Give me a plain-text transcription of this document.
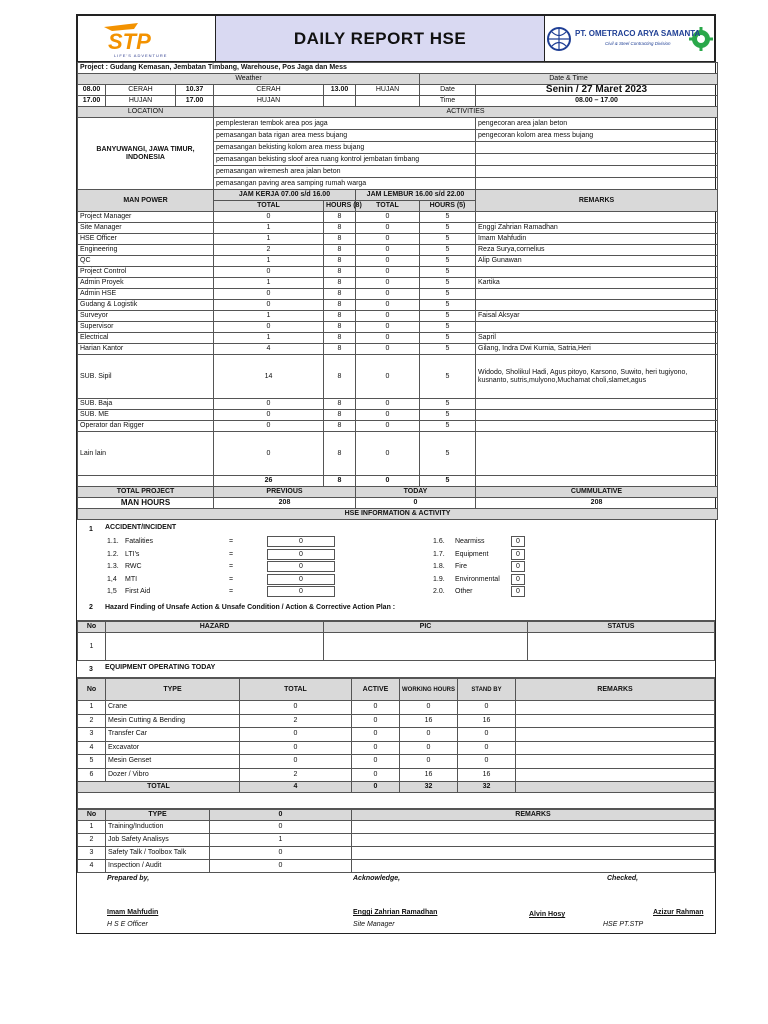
STP
LIFE'S ADVENTURE
	DAILY REPORT HSE	PT. OMETRACO ARYA SAMANTA
Civil & Steel Contracting Division
Project : Gudang Kemasan, Jembatan Timbang, Warehouse, Pos Jaga dan Mess							
Weather						Date & Time	
08.00	CERAH	10.37	CERAH	13.00	HUJAN	Date	Senin / 27 Maret 2023
17.00	HUJAN	17.00	HUJAN			Time	08.00 – 17.00
LOCATION			ACTIVITIES				
BANYUWANGI, JAWA TIMUR, INDONESIA			pemplesteran tembok area pos jaga				pengecoran area jalan beton
			pemasangan bata rigan area mess bujang				pengecoran kolom area mess bujang
			pemasangan bekisting kolom area mess bujang				
			pemasangan bekisting sloof area ruang kontrol jembatan timbang				
			pemasangan wiremesh area jalan beton				
			pemasangan paving area samping rumah warga				
MAN POWER			JAM KERJA 07.00 s/d 16.00		JAM LEMBUR 16.00 s/d 22.00		REMARKS
			TOTAL	HOURS (8)	TOTAL	HOURS (5)	
Project Manager			0	8	0	5	
Site Manager			1	8	0	5	Enggi Zahrian Ramadhan
HSE Officer			1	8	0	5	Imam Mahfudin
Engineering			2	8	0	5	Reza Surya,cornelius
QC			1	8	0	5	Alip Gunawan
Project Control			0	8	0	5	
Admin Proyek			1	8	0	5	Kartika
Admin HSE			0	8	0	5	
Gudang & Logistik			0	8	0	5	
Surveyor			1	8	0	5	Faisal Aksyar
Supervisor			0	8	0	5	
Electrical			1	8	0	5	Sapril
Harian Kantor			4	8	0	5	Gilang, Indra Dwi Kurnia, Satria,Heri
SUB. Sipil			14	8	0	5	Widodo, Sholikul Hadi, Agus pitoyo, Karsono, Suwito, heri tugiyono, kusnanto, sutris,mulyono,Muchamat choli,slamet,agus
SUB. Baja			0	8	0	5	
SUB. ME			0	8	0	5	
Operator dan Rigger			0	8	0	5	
Lain lain			0	8	0	5	
			26	8	0	5	
TOTAL PROJECT			PREVIOUS		TODAY		CUMMULATIVE
MAN HOURS			208		0		208
HSE INFORMATION & ACTIVITY							
1 ACCIDENT/INCIDENT
1.1. Fatalities	=	0
1.2. LTI's	=	0
1.3. RWC	=	0
1,4 MTI	=	0
1,5 First Aid	=	0
1.6. Nearmiss	0
1.7. Equipment	0
1.8. Fire	0
1.9. Environmental	0
2.0. Other	0
2 Hazard Finding of Unsafe Action & Unsafe Condition / Action & Corrective Action Plan :
No	HAZARD	PIC	STATUS
1			
3 EQUIPMENT OPERATING TODAY
No	TYPE	TOTAL	ACTIVE	WORKING HOURS	STAND BY	REMARKS
1	Crane	0	0	0	0	
2	Mesin Cutting & Bending	2	0	16	16	
3	Transfer Car	0	0	0	0	
4	Excavator	0	0	0	0	
5	Mesin Genset	0	0	0	0	
6	Dozer / Vibro	2	0	16	16	
TOTAL		4	0	32	32	

No	TYPE	0	REMARKS
1	Training/Induction	0	
2	Job Safety Analisys	1	
3	Safety Talk / Toolbox Talk	0	
4	Inspection / Audit	0	
Prepared by,	Acknowledge,	Checked,
Imam Mahfudin
H S E Officer
Enggi Zahrian Ramadhan
Site Manager
Alvin Hosy	Azizur Rahman
HSE PT.STP
